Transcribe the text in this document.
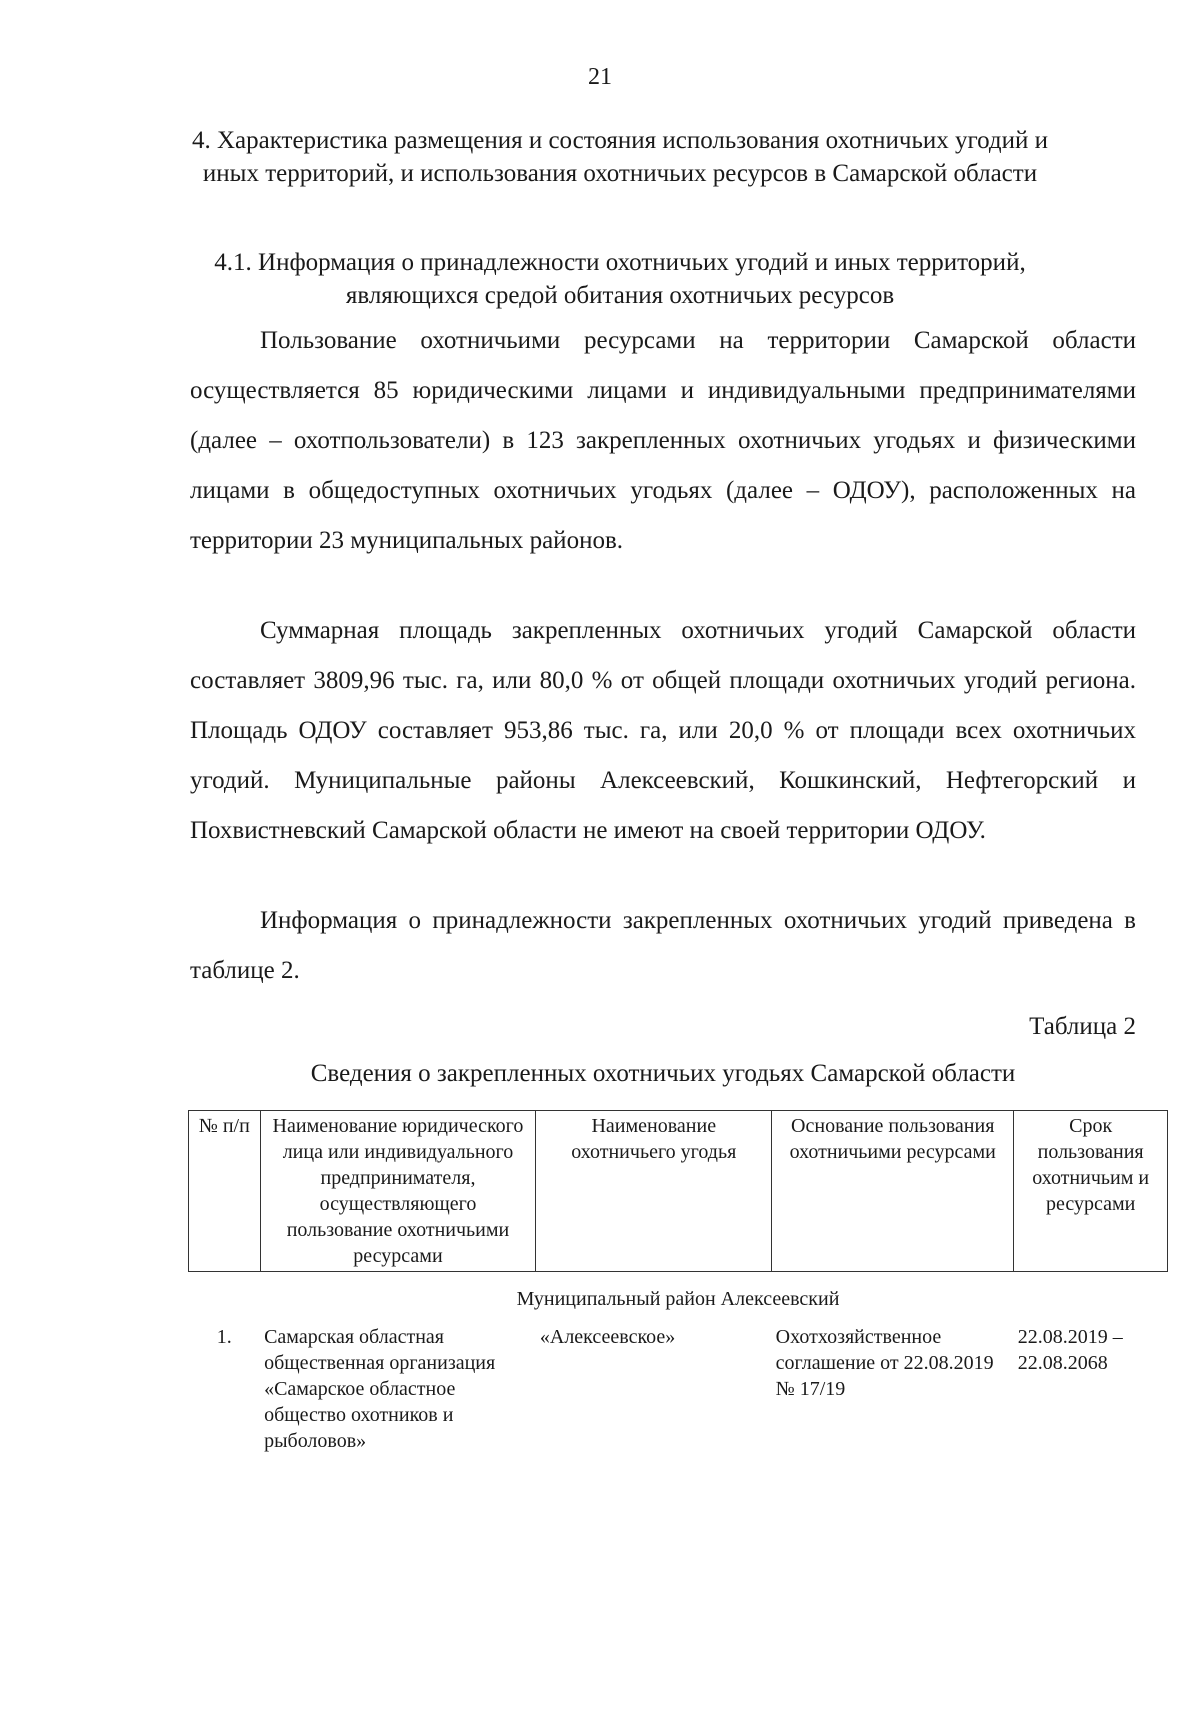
21
4. Характеристика размещения и состояния использования охотничьих угодий и иных территорий, и использования охотничьих ресурсов в Самарской области
4.1. Информация о принадлежности охотничьих угодий и иных территорий, являющихся средой обитания охотничьих ресурсов

Пользование охотничьими ресурсами на территории Самарской области осуществляется 85 юридическими лицами и индивидуальными предпринимателями (далее – охотпользователи) в 123 закрепленных охотничьих угодьях и физическими лицами в общедоступных охотничьих угодьях (далее – ОДОУ), расположенных на территории 23 муниципальных районов.

Суммарная площадь закрепленных охотничьих угодий Самарской области составляет 3809,96 тыс. га, или 80,0 % от общей площади охотничьих угодий региона. Площадь ОДОУ составляет 953,86 тыс. га, или 20,0 % от площади всех охотничьих угодий. Муниципальные районы Алексеевский, Кошкинский, Нефтегорский и Похвистневский Самарской области не имеют на своей территории ОДОУ.

Информация о принадлежности закрепленных охотничьих угодий приведена в таблице 2.

Таблица 2
Сведения о закрепленных охотничьих угодьях Самарской области
№ п/п	Наименование юридического лица или индивидуального предпринимателя, осуществляющего пользование охотничьими ресурсами	Наименование охотничьего угодья	Основание пользования охотничьими ресурсами	Срок пользования охотничьим и ресурсами
Муниципальный район Алексеевский				
1.	Самарская областная общественная организация «Самарское областное общество охотников и рыболовов»	«Алексеевское»	Охотхозяйственное соглашение от 22.08.2019 № 17/19	22.08.2019 – 22.08.2068
